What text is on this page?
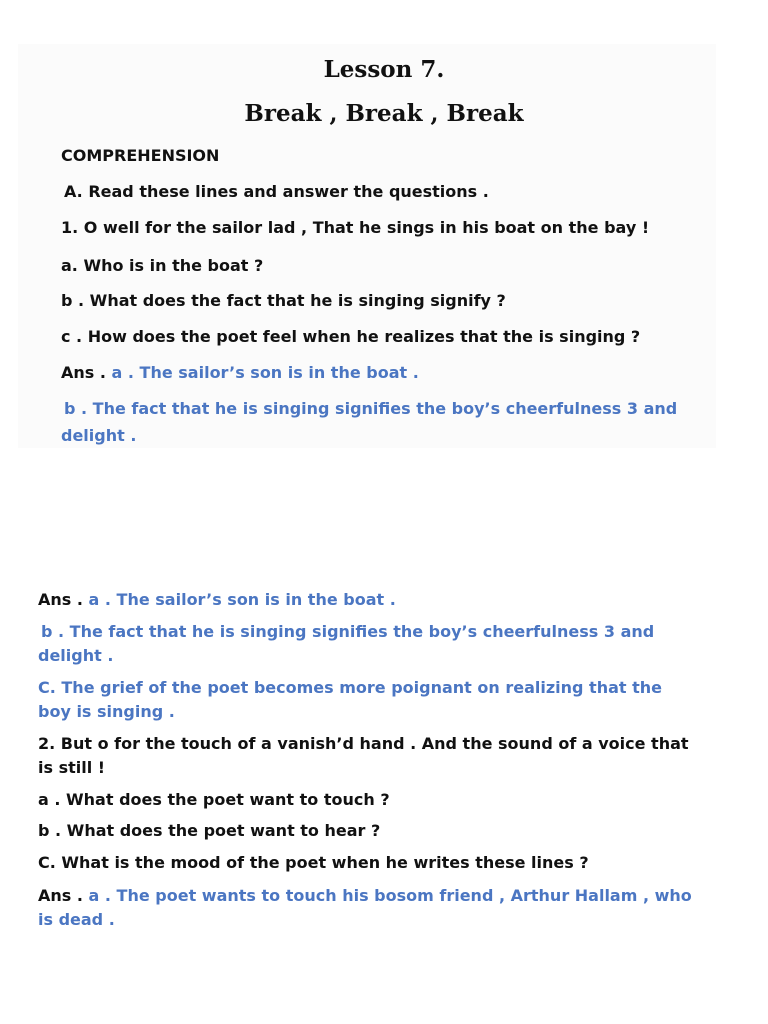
Lesson 7.
Break , Break , Break
COMPREHENSION
A. Read these lines and answer the questions .
1. O well for the sailor lad , That he sings in his boat on the bay !
a. Who is in the boat ?
b . What does the fact that he is singing signify ?
c . How does the poet feel when he realizes that the is singing ?
Ans . a . The sailor’s son is in the boat .
b . The fact that he is singing signifies the boy’s cheerfulness 3 and
delight .
Ans . a . The sailor’s son is in the boat .
b . The fact that he is singing signifies the boy’s cheerfulness 3 and
delight .
C. The grief of the poet becomes more poignant on realizing that the
boy is singing .
2. But o for the touch of a vanish’d hand . And the sound of a voice that
is still !
a . What does the poet want to touch ?
b . What does the poet want to hear ?
C. What is the mood of the poet when he writes these lines ?
Ans . a . The poet wants to touch his bosom friend , Arthur Hallam , who
is dead .
